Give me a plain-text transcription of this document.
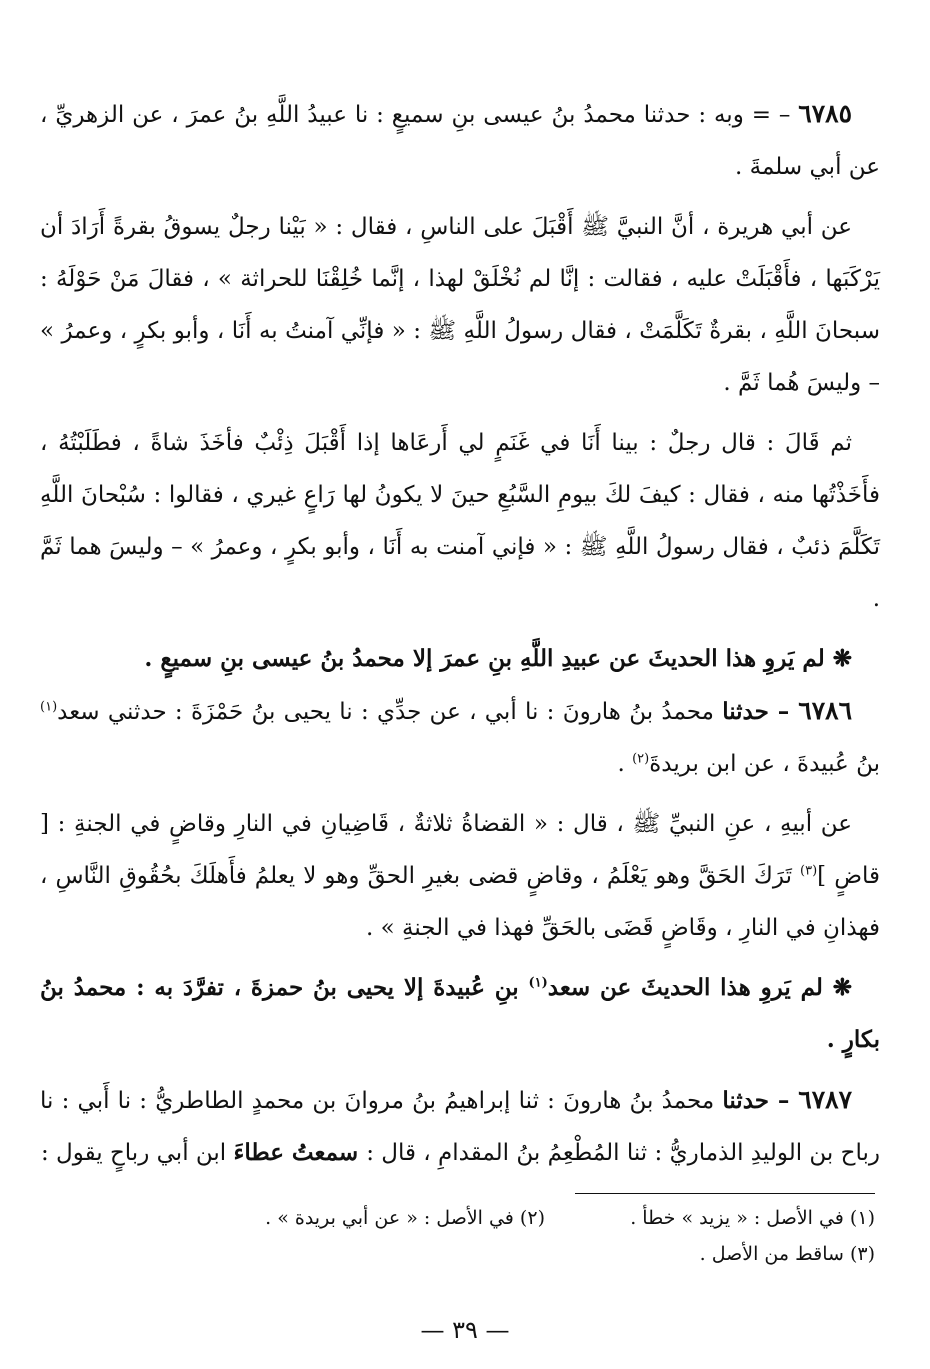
٦٧٨٥ – = وبه : حدثنا محمدُ بنُ عيسى بنِ سميعٍ : نا عبيدُ اللَّهِ بنُ عمرَ ، عن الزهريِّ ، عن أبي سلمةَ .

عن أبي هريرة ، أنَّ النبيَّ ﷺ أَقْبَلَ على الناسِ ، فقال : « بَيْنا رجلٌ يسوقُ بقرةً أَرَادَ أن يَرْكَبَها ، فأَقْبَلَتْ عليه ، فقالت : إنَّا لم نُخْلَقْ لهذا ، إنَّما خُلِقْنَا للحراثة » ، فقالَ مَنْ حَوْلَهُ : سبحانَ اللَّهِ ، بقرةٌ تَكَلَّمَتْ ، فقال رسولُ اللَّهِ ﷺ : « فإنِّي آمنتُ به أَنَا ، وأبو بكرٍ ، وعمرُ » – وليسَ هُما ثَمَّ .

ثم قَالَ : قال رجلٌ : بينا أَنَا في غَنَمٍ لي أَرعَاها إذا أَقْبَلَ ذِئْبٌ فأخَذَ شاةً ، فطَلَبْتُهُ ، فأَخَذْتُها منه ، فقال : كيفَ لكَ بيومِ السَّبُعِ حينَ لا يكونُ لها رَاعٍ غيري ، فقالوا : سُبْحانَ اللَّهِ تَكَلَّمَ ذئبٌ ، فقال رسولُ اللَّهِ ﷺ : « فإني آمنت به أَنَا ، وأبو بكرٍ ، وعمرُ » – وليسَ هما ثَمَّ .

❋ لم يَروِ هذا الحديثَ عن عبيدِ اللَّهِ بنِ عمرَ إلا محمدُ بنُ عيسى بنِ سميعٍ .

٦٧٨٦ – حدثنا محمدُ بنُ هارونَ : نا أبي ، عن جدِّي : نا يحيى بنُ حَمْزَةَ : حدثني سعد$^{(١)}$ بنُ عُبيدةَ ، عن ابن بريدةَ$^{(٢)}$ .

عن أبيهِ ، عنِ النبيِّ ﷺ ، قال : « القضاةُ ثلاثةٌ ، قَاضِيانِ في النارِ وقاضٍ في الجنةِ : [ قاضٍ ]$^{(٣)}$ تَرَكَ الحَقَّ وهو يَعْلَمُ ، وقاضٍ قضى بغيرِ الحقِّ وهو لا يعلمُ فأَهلَكَ بحُقُوقِ النَّاسِ ، فهذانِ في النارِ ، وقَاضٍ قَضَى بالحَقِّ فهذا في الجنةِ » .

❋ لم يَروِ هذا الحديثَ عن سعد$^{(١)}$ بنِ عُبيدةَ إلا يحيى بنُ حمزةَ ، تفرَّدَ به : محمدُ بنُ بكارٍ .

٦٧٨٧ – حدثنا محمدُ بنُ هارونَ : ثنا إبراهيمُ بنُ مروانَ بن محمدٍ الطاطريُّ : نا أَبي : نا رباح بن الوليدِ الذماريُّ : ثنا المُطْعِمُ بنُ المقدامِ ، قال : سمعتُ عطاءَ ابن أبي رباحٍ يقول :

(١) في الأصل : « يزيد » خطأ .
(٢) في الأصل : « عن أبي بريدة » .
(٣) ساقط من الأصل .
— ٣٩ —
